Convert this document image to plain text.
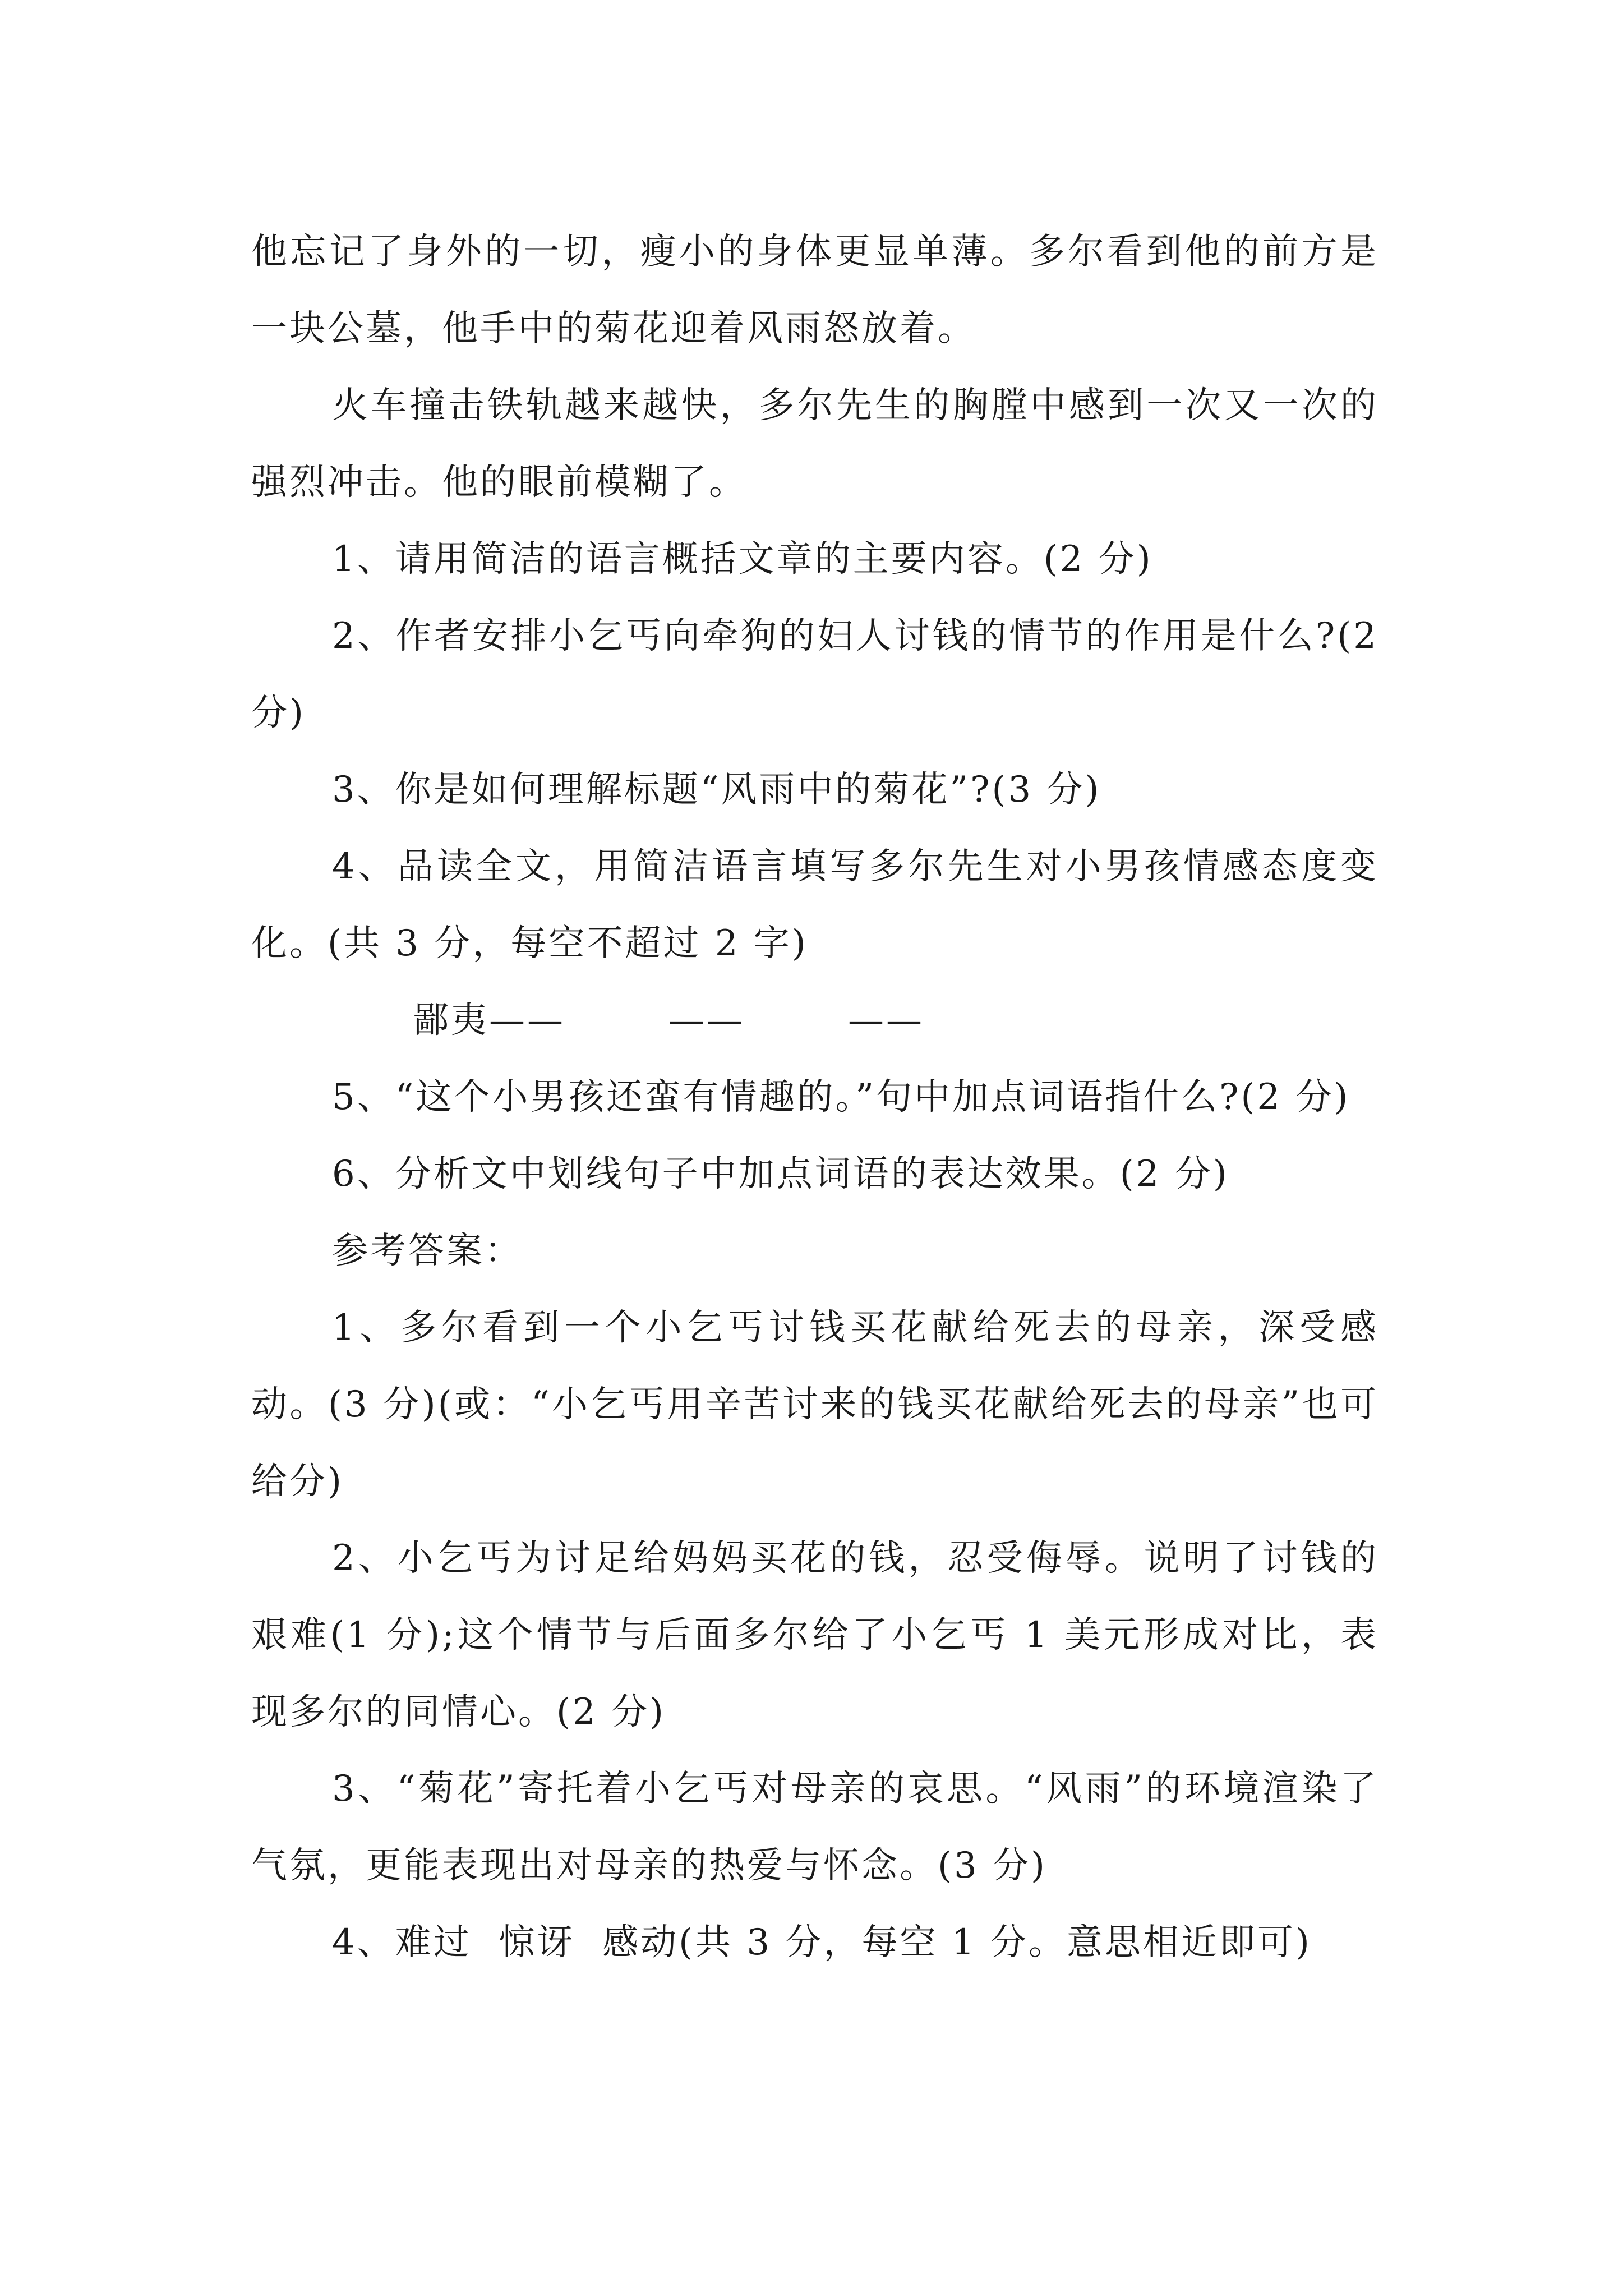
他忘记了身外的一切，瘦小的身体更显单薄。多尔看到他的前方是一块公墓，他手中的菊花迎着风雨怒放着。

火车撞击铁轨越来越快，多尔先生的胸膛中感到一次又一次的强烈冲击。他的眼前模糊了。

1、请用简洁的语言概括文章的主要内容。(2 分)

2、作者安排小乞丐向牵狗的妇人讨钱的情节的作用是什么?(2 分)

3、你是如何理解标题“风雨中的菊花”?(3 分)

4、品读全文，用简洁语言填写多尔先生对小男孩情感态度变化。(共 3 分，每空不超过 2 字)

鄙夷——	——	——

5、“这个小男孩还蛮有情趣的。”句中加点词语指什么?(2 分)

6、分析文中划线句子中加点词语的表达效果。(2 分)

参考答案：

1、多尔看到一个小乞丐讨钱买花献给死去的母亲，深受感动。(3 分)(或：“小乞丐用辛苦讨来的钱买花献给死去的母亲”也可给分)

2、小乞丐为讨足给妈妈买花的钱，忍受侮辱。说明了讨钱的艰难(1 分);这个情节与后面多尔给了小乞丐 1 美元形成对比，表现多尔的同情心。(2 分)

3、“菊花”寄托着小乞丐对母亲的哀思。“风雨”的环境渲染了气氛，更能表现出对母亲的热爱与怀念。(3 分)

4、难过  惊讶  感动(共 3 分，每空 1 分。意思相近即可)
